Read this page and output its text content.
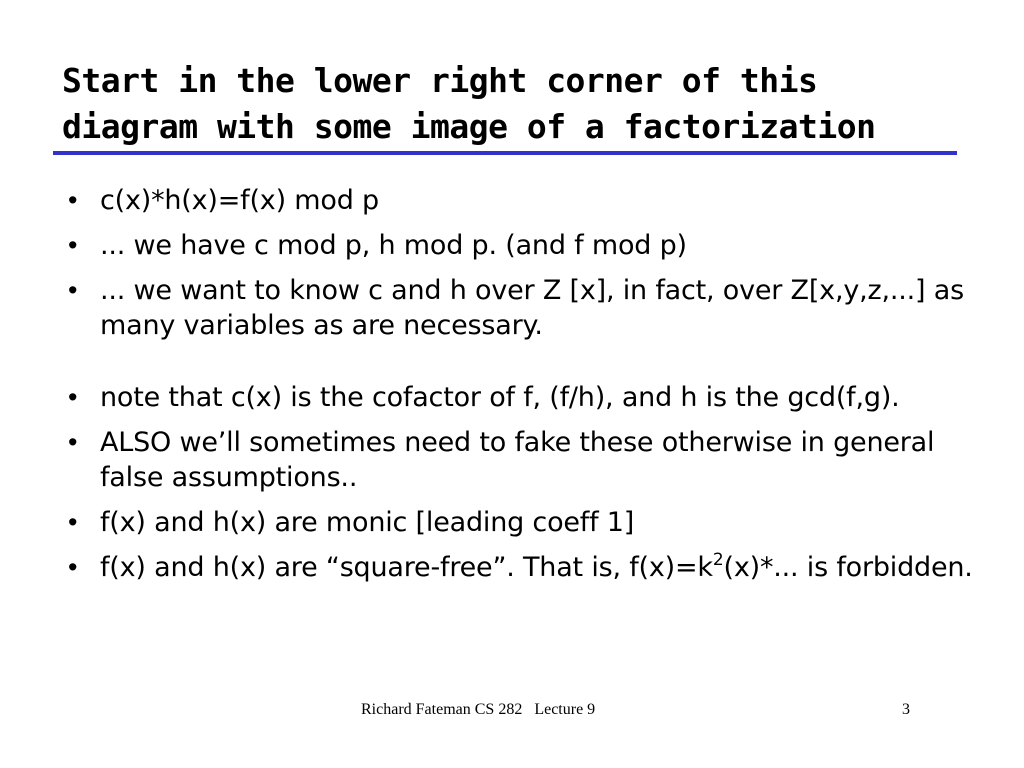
Start in the lower right corner of this
diagram with some image of a factorization
• c(x)*h(x)=f(x) mod p
• ... we have c mod p, h mod p. (and f mod p)
• ... we want to know c and h over Z [x], in fact, over Z[x,y,z,...] as many variables as are necessary.
• note that c(x) is the cofactor of f, (f/h), and h is the gcd(f,g).
• ALSO we’ll sometimes need to fake these otherwise in general false assumptions..
• f(x) and h(x) are monic [leading coeff 1]
• f(x) and h(x) are “square-free”. That is, $f(x)=k^2(x)*$... is forbidden.
Richard Fateman CS 282   Lecture 9	3
